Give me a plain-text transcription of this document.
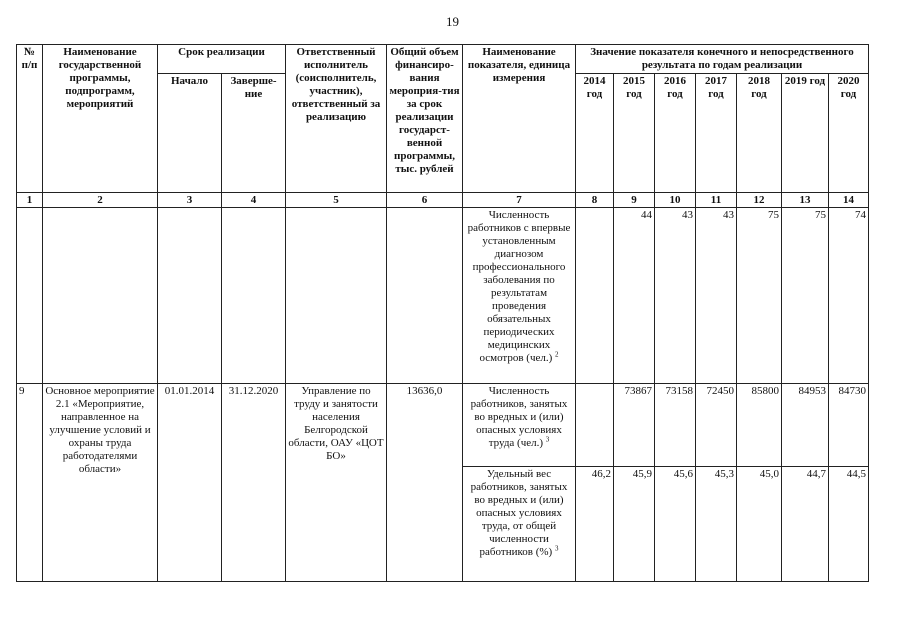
19
№ п/п	Наименование государственной программы, подпрограмм, мероприятий	Срок реализации		Ответственный исполнитель (соисполнитель, участник), ответственный за реализацию	Общий объем финансиро-вания мероприя-тия за срок реализации государст-венной программы, тыс. рублей	Наименование показателя, единица измерения	Значение показателя конечного и непосредственного результата по годам реализации						
		Начало	Заверше-ние				2014 год	2015 год	2016 год	2017 год	2018 год	2019 год	2020 год
1	2	3	4	5	6	7	8	9	10	11	12	13	14
						Численность работников с впервые установленным диагнозом профессионального заболевания по результатам проведения обязательных периодических медицинских осмотров (чел.) $^2$		44	43	43	75	75	74
9	Основное мероприятие 2.1 «Мероприятие, направленное на улучшение условий и охраны труда работодателями области»	01.01.2014	31.12.2020	Управление по труду и занятости населения Белгородской области, ОАУ «ЦОТ БО»	13636,0	Численность работников, занятых во вредных и (или) опасных условиях труда (чел.) $^3$		73867	73158	72450	85800	84953	84730
						Удельный вес работников, занятых во вредных и (или) опасных условиях труда, от общей численности работников (%) $^3$	46,2	45,9	45,6	45,3	45,0	44,7	44,5
